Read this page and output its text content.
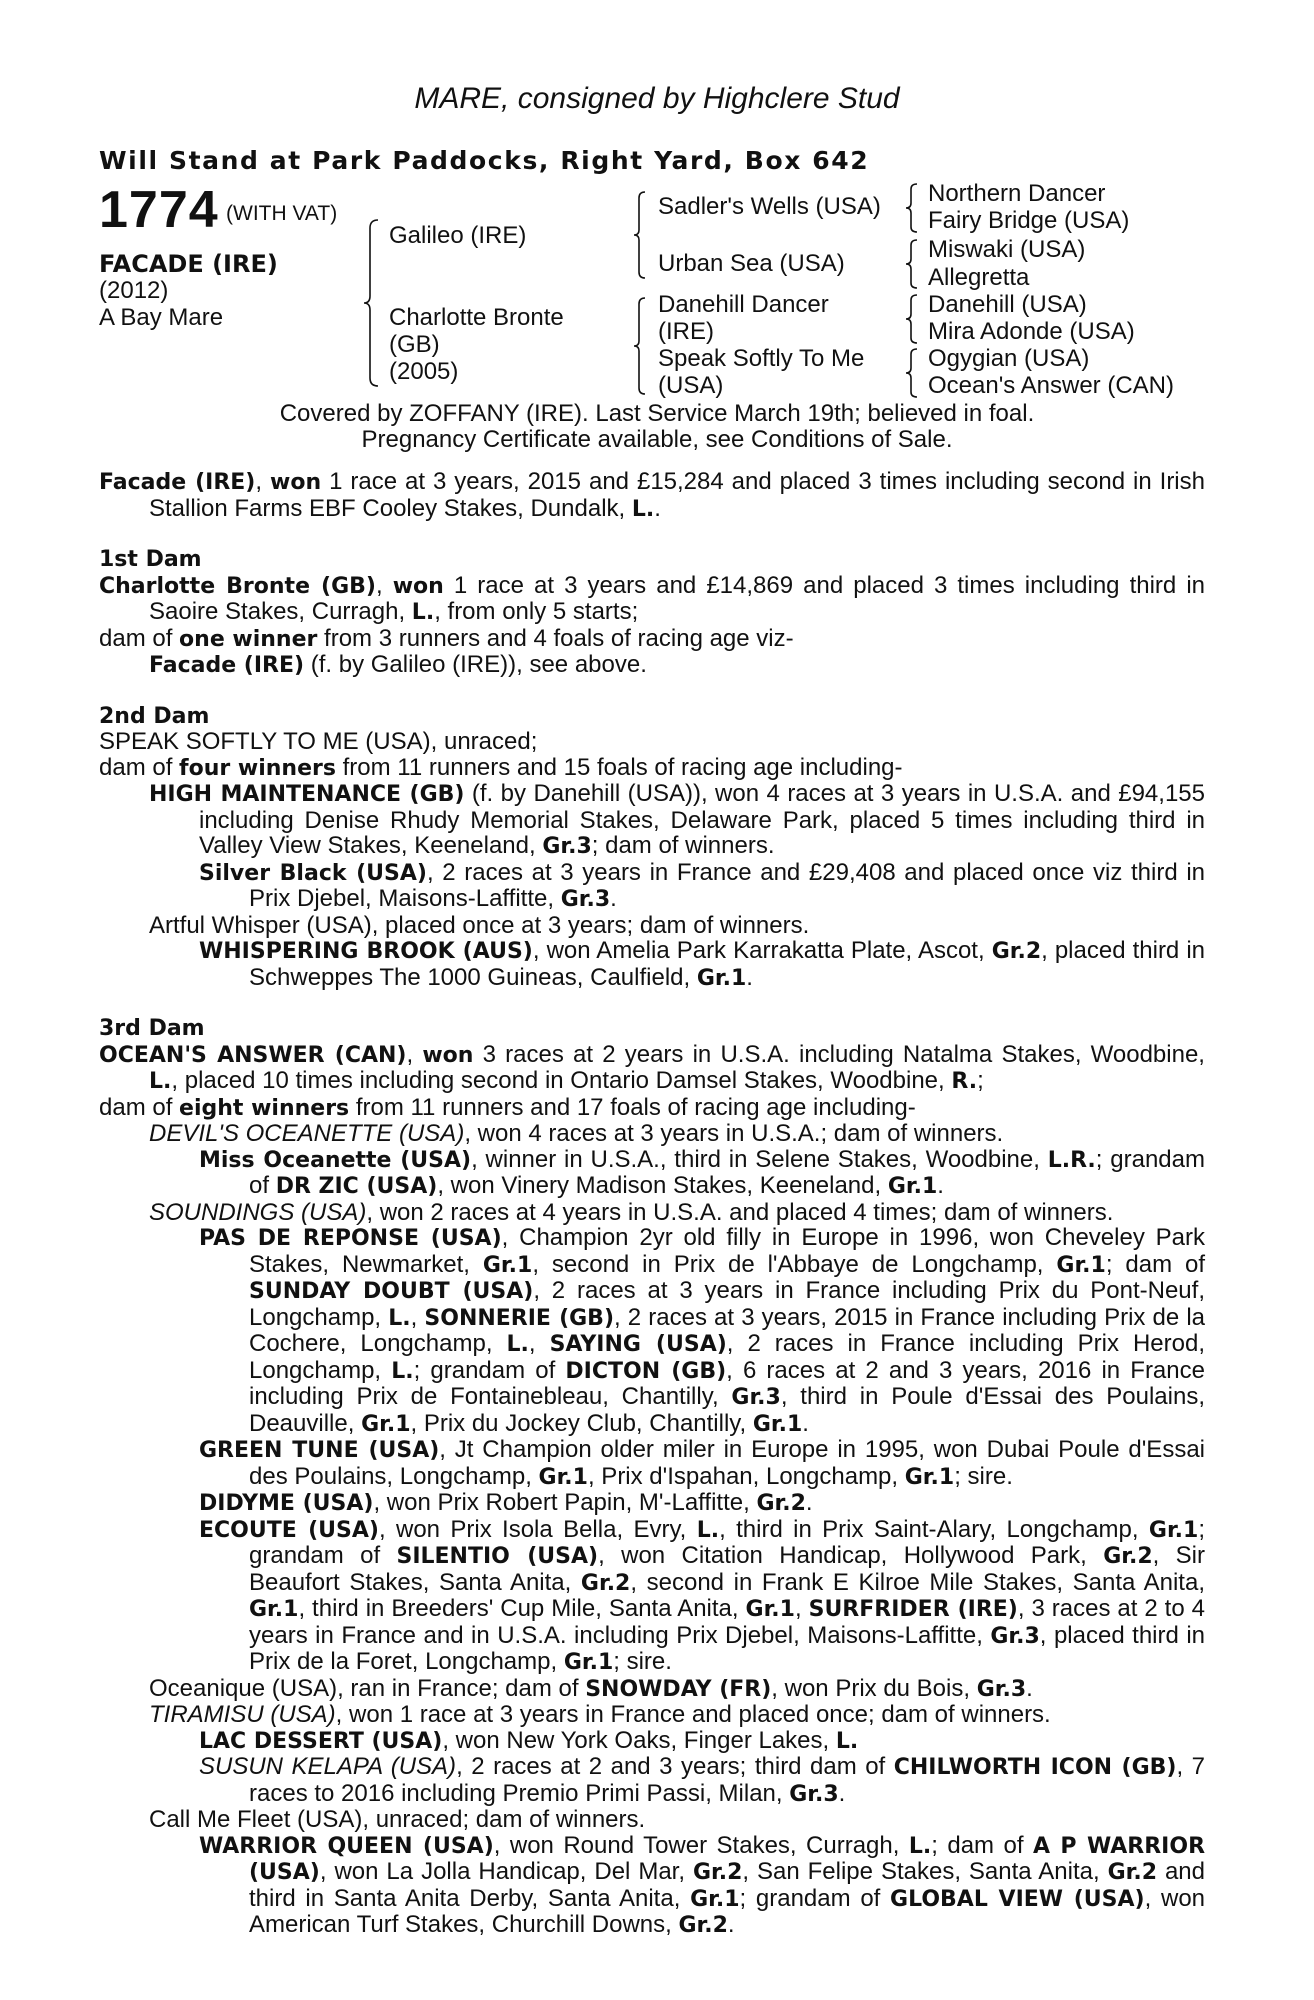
MARE, consigned by Highclere Stud
Will Stand at Park Paddocks, Right Yard, Box 642
1774 (WITH VAT)
FACADE (IRE)
(2012)
A Bay Mare
Galileo (IRE)
Charlotte Bronte
(GB)
(2005)
Sadler's Wells (USA)
Urban Sea (USA)
Danehill Dancer
(IRE)
Speak Softly To Me
(USA)
Northern Dancer
Fairy Bridge (USA)
Miswaki (USA)
Allegretta
Danehill (USA)
Mira Adonde (USA)
Ogygian (USA)
Ocean's Answer (CAN)
Covered by ZOFFANY (IRE). Last Service March 19th; believed in foal.
Pregnancy Certificate available, see Conditions of Sale.

Facade (IRE), won 1 race at 3 years, 2015 and £15,284 and placed 3 times including second in Irish Stallion Farms EBF Cooley Stakes, Dundalk, L..

1st Dam

Charlotte Bronte (GB), won 1 race at 3 years and £14,869 and placed 3 times including third in Saoire Stakes, Curragh, L., from only 5 starts;

dam of one winner from 3 runners and 4 foals of racing age viz-

Facade (IRE) (f. by Galileo (IRE)), see above.

2nd Dam

SPEAK SOFTLY TO ME (USA), unraced;

dam of four winners from 11 runners and 15 foals of racing age including-

HIGH MAINTENANCE (GB) (f. by Danehill (USA)), won 4 races at 3 years in U.S.A. and £94,155 including Denise Rhudy Memorial Stakes, Delaware Park, placed 5 times including third in Valley View Stakes, Keeneland, Gr.3; dam of winners.

Silver Black (USA), 2 races at 3 years in France and £29,408 and placed once viz third in Prix Djebel, Maisons-Laffitte, Gr.3.

Artful Whisper (USA), placed once at 3 years; dam of winners.

WHISPERING BROOK (AUS), won Amelia Park Karrakatta Plate, Ascot, Gr.2, placed third in Schweppes The 1000 Guineas, Caulfield, Gr.1.

3rd Dam

OCEAN'S ANSWER (CAN), won 3 races at 2 years in U.S.A. including Natalma Stakes, Woodbine, L., placed 10 times including second in Ontario Damsel Stakes, Woodbine, R.;

dam of eight winners from 11 runners and 17 foals of racing age including-

DEVIL'S OCEANETTE (USA), won 4 races at 3 years in U.S.A.; dam of winners.

Miss Oceanette (USA), winner in U.S.A., third in Selene Stakes, Woodbine, L.R.; grandam of DR ZIC (USA), won Vinery Madison Stakes, Keeneland, Gr.1.

SOUNDINGS (USA), won 2 races at 4 years in U.S.A. and placed 4 times; dam of winners.

PAS DE REPONSE (USA), Champion 2yr old filly in Europe in 1996, won Cheveley Park Stakes, Newmarket, Gr.1, second in Prix de l'Abbaye de Longchamp, Gr.1; dam of SUNDAY DOUBT (USA), 2 races at 3 years in France including Prix du Pont-Neuf, Longchamp, L., SONNERIE (GB), 2 races at 3 years, 2015 in France including Prix de la Cochere, Longchamp, L., SAYING (USA), 2 races in France including Prix Herod, Longchamp, L.; grandam of DICTON (GB), 6 races at 2 and 3 years, 2016 in France including Prix de Fontainebleau, Chantilly, Gr.3, third in Poule d'Essai des Poulains, Deauville, Gr.1, Prix du Jockey Club, Chantilly, Gr.1.

GREEN TUNE (USA), Jt Champion older miler in Europe in 1995, won Dubai Poule d'Essai des Poulains, Longchamp, Gr.1, Prix d'Ispahan, Longchamp, Gr.1; sire.

DIDYME (USA), won Prix Robert Papin, M'-Laffitte, Gr.2.

ECOUTE (USA), won Prix Isola Bella, Evry, L., third in Prix Saint-Alary, Longchamp, Gr.1; grandam of SILENTIO (USA), won Citation Handicap, Hollywood Park, Gr.2, Sir Beaufort Stakes, Santa Anita, Gr.2, second in Frank E Kilroe Mile Stakes, Santa Anita, Gr.1, third in Breeders' Cup Mile, Santa Anita, Gr.1, SURFRIDER (IRE), 3 races at 2 to 4 years in France and in U.S.A. including Prix Djebel, Maisons-Laffitte, Gr.3, placed third in Prix de la Foret, Longchamp, Gr.1; sire.

Oceanique (USA), ran in France; dam of SNOWDAY (FR), won Prix du Bois, Gr.3.

TIRAMISU (USA), won 1 race at 3 years in France and placed once; dam of winners.

LAC DESSERT (USA), won New York Oaks, Finger Lakes, L.

SUSUN KELAPA (USA), 2 races at 2 and 3 years; third dam of CHILWORTH ICON (GB), 7 races to 2016 including Premio Primi Passi, Milan, Gr.3.

Call Me Fleet (USA), unraced; dam of winners.

WARRIOR QUEEN (USA), won Round Tower Stakes, Curragh, L.; dam of A P WARRIOR (USA), won La Jolla Handicap, Del Mar, Gr.2, San Felipe Stakes, Santa Anita, Gr.2 and third in Santa Anita Derby, Santa Anita, Gr.1; grandam of GLOBAL VIEW (USA), won American Turf Stakes, Churchill Downs, Gr.2.
